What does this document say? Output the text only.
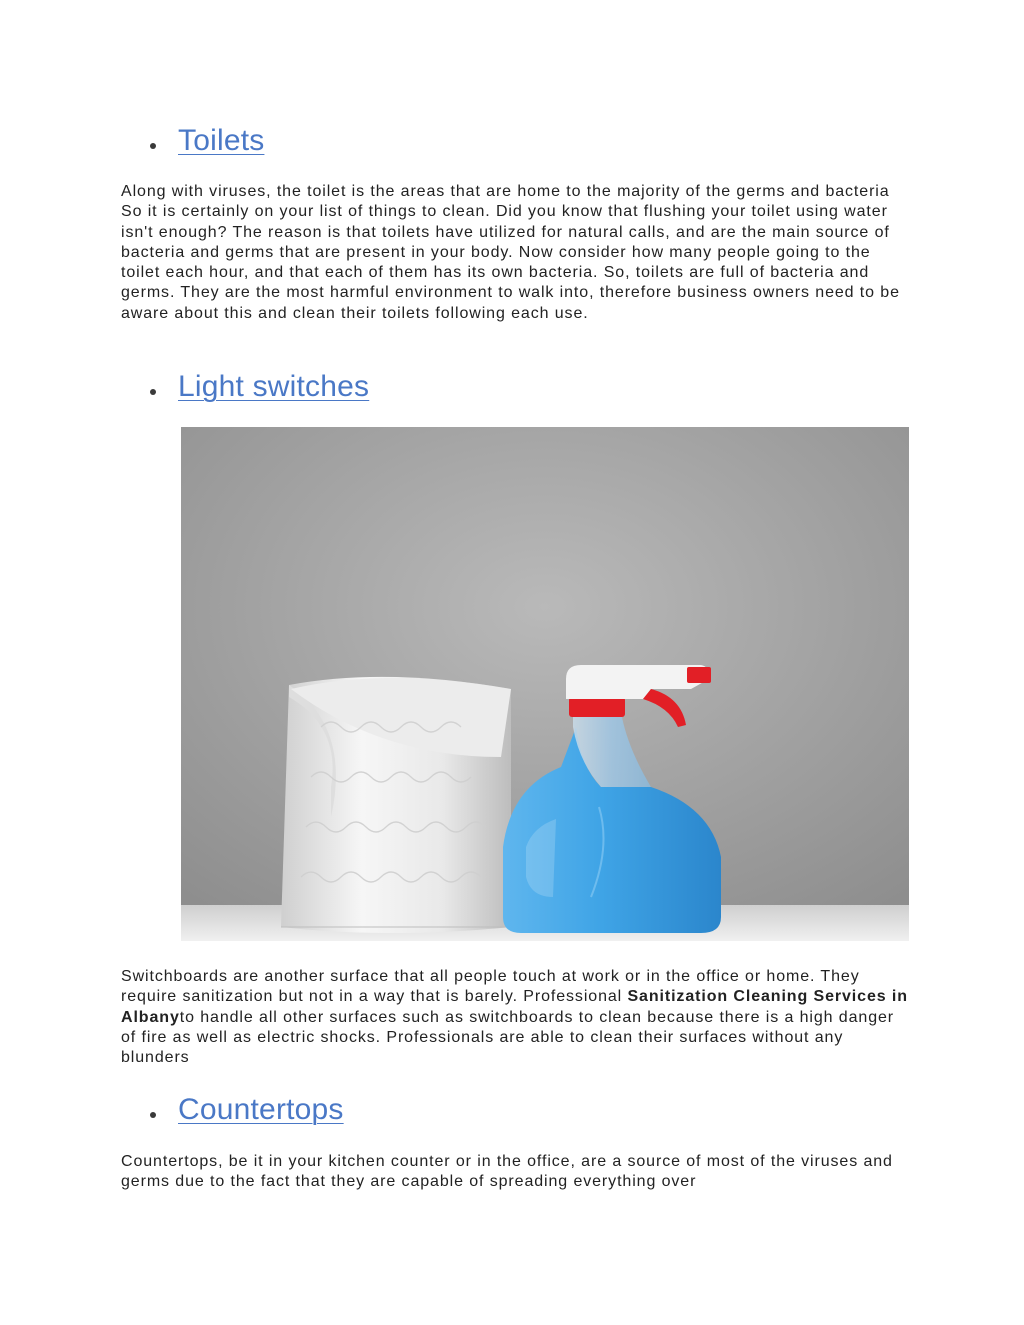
Toilets

Along with viruses, the toilet is the areas that are home to the majority of the germs and bacteria So it is certainly on your list of things to clean. Did you know that flushing your toilet using water isn't enough? The reason is that toilets have utilized for natural calls, and are the main source of bacteria and germs that are present in your body. Now consider how many people going to the toilet each hour, and that each of them has its own bacteria. So, toilets are full of bacteria and germs. They are the most harmful environment to walk into, therefore business owners need to be aware about this and clean their toilets following each use.

Light switches

Switchboards are another surface that all people touch at work or in the office or home. They require sanitization but not in a way that is barely. Professional Sanitization Cleaning Services in Albanyto handle all other surfaces such as switchboards to clean because there is a high danger of fire as well as electric shocks. Professionals are able to clean their surfaces without any blunders

Countertops

Countertops, be it in your kitchen counter or in the office, are a source of most of the viruses and germs due to the fact that they are capable of spreading everything over
